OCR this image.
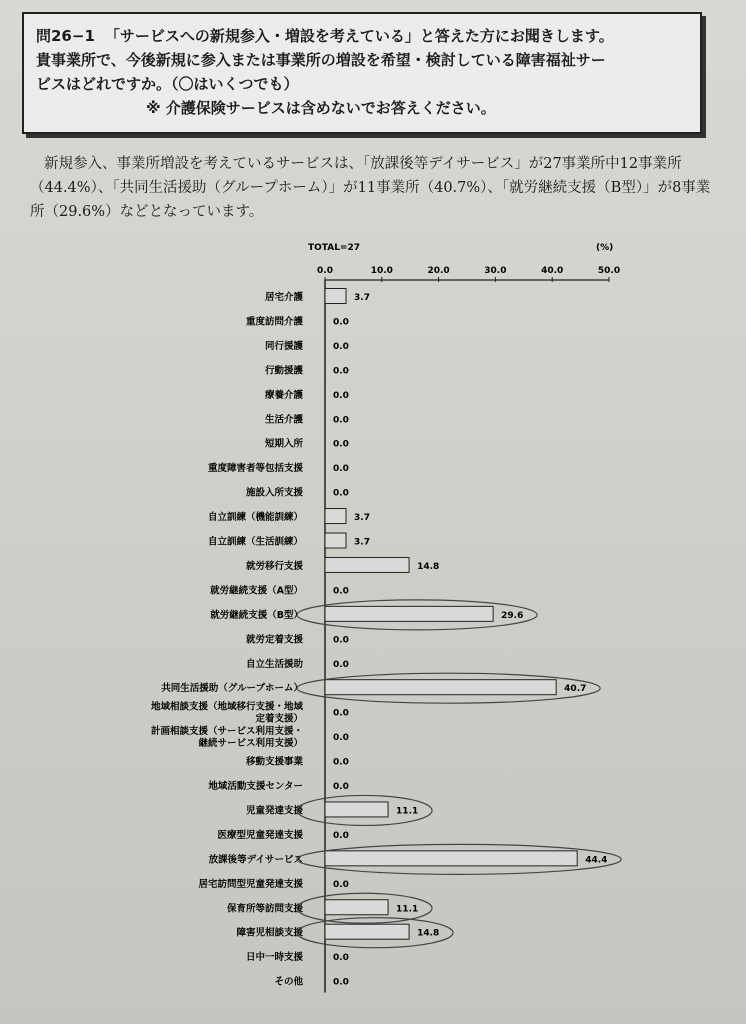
問26−1 「サービスへの新規参入・増設を考えている」と答えた方にお聞きします。
貴事業所で、今後新規に参入または事業所の増設を希望・検討している障害福祉サー
ビスはどれですか。（〇はいくつでも）
※ 介護保険サービスは含めないでお答えください。
新規参入、事業所増設を考えているサービスは、「放課後等デイサービス」が27事業所中12事業所（44.4%）、「共同生活援助（グループホーム）」が11事業所（40.7%）、「就労継続支援（B型）」が8事業所（29.6%）などとなっています。
TOTAL=27	(%)
0.0	10.0	20.0	30.0	40.0	50.0
居宅介護	3.7
重度訪問介護	0.0
同行援護	0.0
行動援護	0.0
療養介護	0.0
生活介護	0.0
短期入所	0.0
重度障害者等包括支援	0.0
施設入所支援	0.0
自立訓練（機能訓練）	3.7
自立訓練（生活訓練）	3.7
就労移行支援	14.8
就労継続支援（A型）	0.0
就労継続支援（B型）	29.6
就労定着支援	0.0
自立生活援助	0.0
共同生活援助（グループホーム）	40.7
地域相談支援（地域移行支援・地域
定着支援）	0.0
計画相談支援（サービス利用支援・
継続サービス利用支援）	0.0
移動支援事業	0.0
地域活動支援センター	0.0
児童発達支援	11.1
医療型児童発達支援	0.0
放課後等デイサービス	44.4
居宅訪問型児童発達支援	0.0
保育所等訪問支援	11.1
障害児相談支援	14.8
日中一時支援	0.0
その他	0.0
